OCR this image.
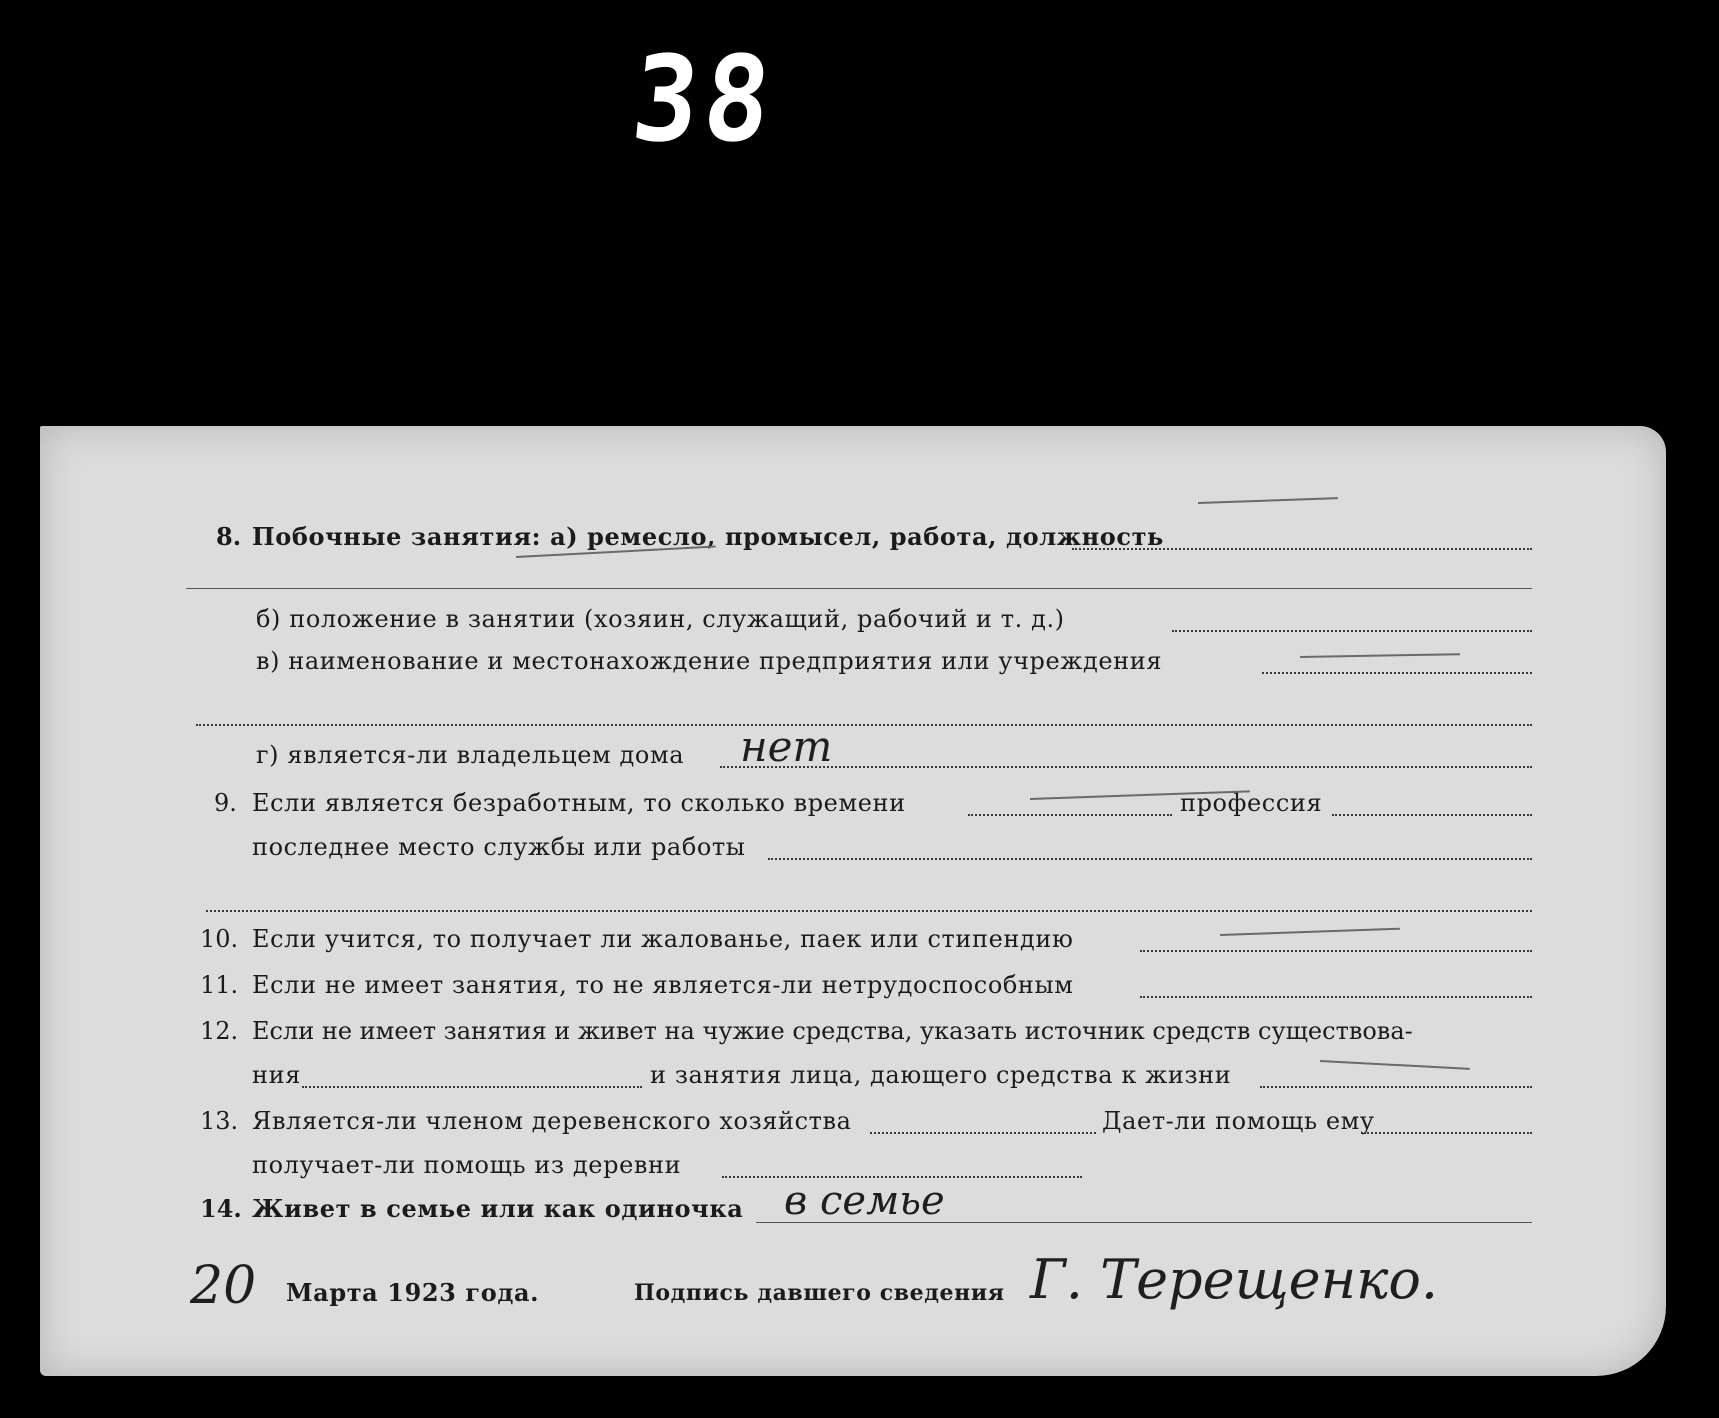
38
8. Побочные занятия: а) ремесло, промысел, работа, должность
б) положение в занятии (хозяин, служащий, рабочий и т. д.)
в) наименование и местонахождение предприятия или учреждения
г) является-ли владельцем дома нет
9. Если является безработным, то сколько времени	профессия
последнее место службы или работы
10. Если учится, то получает ли жалованье, паек или стипендию
11. Если не имеет занятия, то не является-ли нетрудоспособным
12. Если не имеет занятия и живет на чужие средства, указать источник средств существова-
ния	и занятия лица, дающего средства к жизни
13. Является-ли членом деревенского хозяйства	Дает-ли помощь ему
получает-ли помощь из деревни
14. Живет в семье или как одиночка в семье
20 Марта 1923 года.	Подпись давшего сведения Г. Терещенко.
